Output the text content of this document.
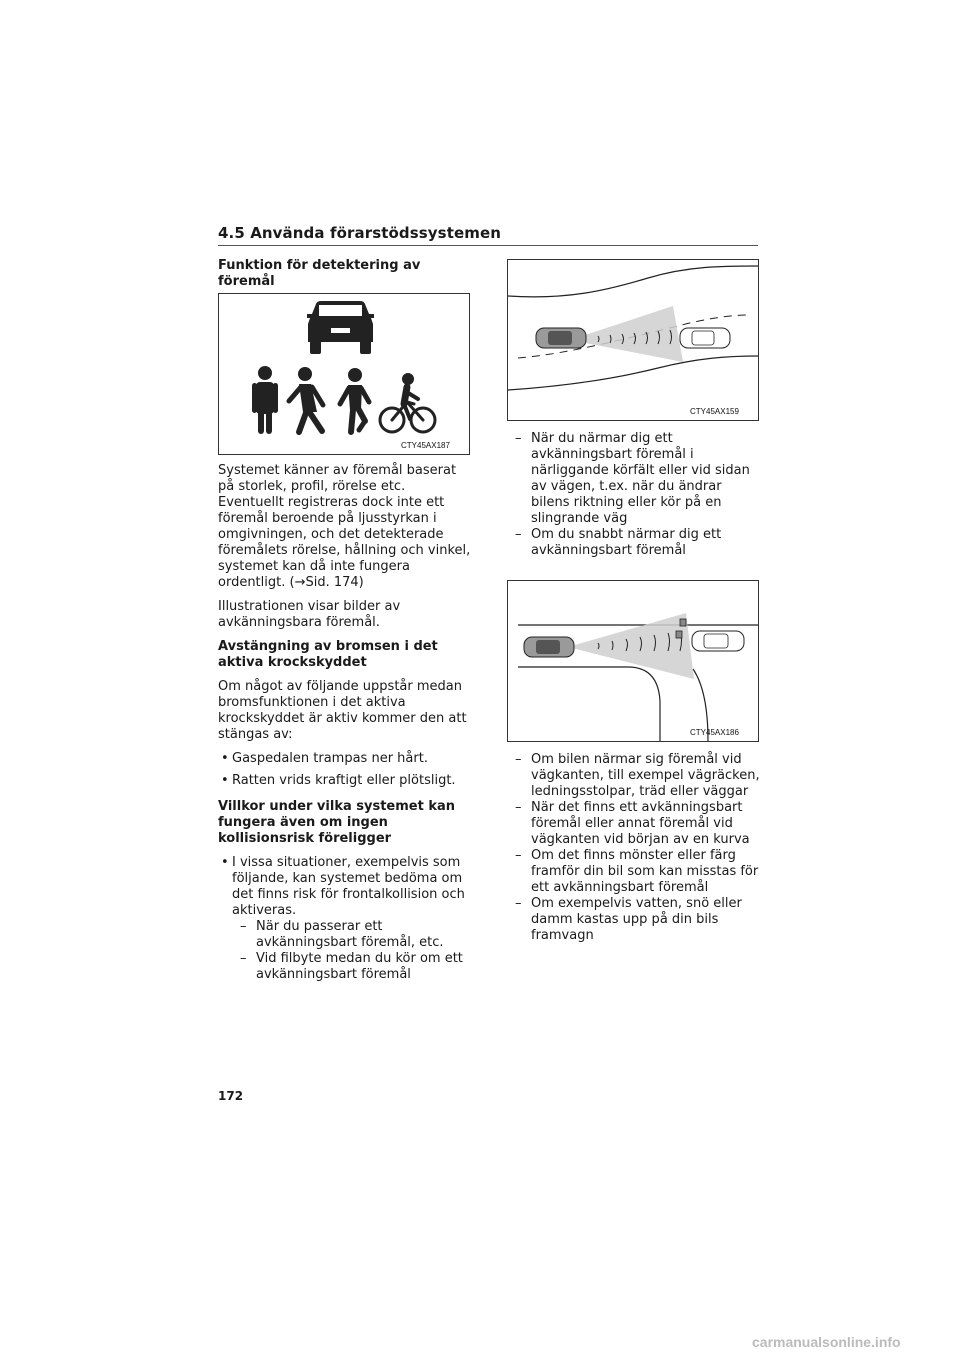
4.5 Använda förarstödssystemen
Funktion för detektering av föremål
CTY45AX187

Systemet känner av föremål baserat på storlek, profil, rörelse etc. Eventuellt registreras dock inte ett föremål beroende på ljusstyrkan i omgivningen, och det detekterade föremålets rörelse, hållning och vinkel, systemet kan då inte fungera ordentligt. (→Sid. 174)

Illustrationen visar bilder av avkänningsbara föremål.

Avstängning av bromsen i det aktiva krockskyddet

Om något av följande uppstår medan bromsfunktionen i det aktiva krockskyddet är aktiv kommer den att stängas av:

• Gaspedalen trampas ner hårt.
• Ratten vrids kraftigt eller plötsligt.
Villkor under vilka systemet kan fungera även om ingen kollisionsrisk föreligger
• I vissa situationer, exempelvis som följande, kan systemet bedöma om det finns risk för frontalkollision och aktiveras.
– När du passerar ett avkänningsbart föremål, etc.
– Vid filbyte medan du kör om ett avkänningsbart föremål
CTY45AX159
– När du närmar dig ett avkänningsbart föremål i närliggande körfält eller vid sidan av vägen, t.ex. när du ändrar bilens riktning eller kör på en slingrande väg
– Om du snabbt närmar dig ett avkänningsbart föremål
CTY45AX186
– Om bilen närmar sig föremål vid vägkanten, till exempel vägräcken, ledningsstolpar, träd eller väggar
– När det finns ett avkänningsbart föremål eller annat föremål vid vägkanten vid början av en kurva
– Om det finns mönster eller färg framför din bil som kan misstas för ett avkänningsbart föremål
– Om exempelvis vatten, snö eller damm kastas upp på din bils framvagn
172
carmanualsonline.info
